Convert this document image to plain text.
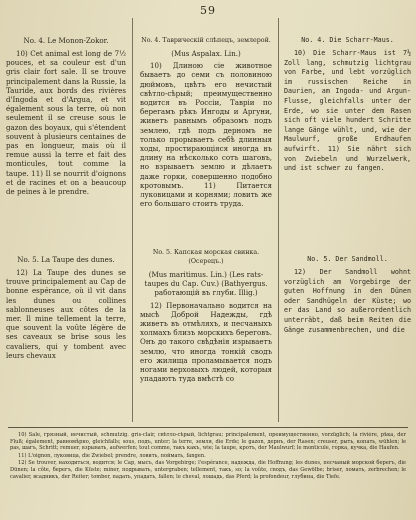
59
No. 4. Le Monon-Zokor.

10) Cet animal est long de 7½ pouces, et sa couleur est d'un gris clair fort sale. Il se trouve principalement dans la Russie, la Tauride, aux bords des rivières d'Ingoda et d'Argua, et vit également sous la terre, où non seulement il se creuse sous le gazon des boyaux, qui s'étendent souvent à plusieurs centaines de pas en longueur, mais où il remue aussi la terre et fait des monticules, tout comme la taupe. 11) Il se nourrit d'oignons et de racines et on a beaucoup de peines à le prendre.

No. 5. La Taupe des dunes.

12) La Taupe des dunes se trouve principalement au Cap de bonne espérance, où il vit dans les dunes ou collines sablonneuses aux côtes de la mer. Il mine tellement la terre, que souvent la voûte légère de ses caveaux se brise sous les cavaliers, qui y tombent avec leurs chevaux

No. 4. Таврическій слѣпецъ, землерой.
(Mus Aspalax. Lin.)

10) Длиною сіе животное бываетъ до семи съ половиною дюймовъ, цвѣтъ его нечистый свѣтло-сѣрый; преимущественно водится въ Россіи, Тавріи по берегамъ рѣкъ Ингоды и Аргуни, живетъ равнымъ образомъ подъ землею, гдѣ подъ дерномъ не только прорываетъ себѣ длинныя ходы, простирающіяся иногда въ длину на нѣсколько сотъ шаговъ, но взрываетъ землю и дѣлаетъ даже горки, совершенно подобно кротовымъ. 11) Питается луковицами и корнями; ловить же его большаго стоитъ труда.

No. 5. Капская морская свинка. (Осерецъ.)
(Mus maritimus. Lin.) (Les rats-taupes du Cap. Cuv.) (Bathyergus. работающій въ глуби. Illig.)

12) Первоначально водится на мысѣ Доброй Надежды, гдѣ живетъ въ отмѣляхъ, и песчаныхъ холмахъ близъ морскихъ береговъ. Онъ до такого свѣдѣнія изрываетъ землю, что иногда тонкій сводъ его жилища проламывается подъ ногами верховыхъ людей, которыя упадаютъ туда вмѣстѣ со

No. 4. Die Scharr-Maus.

10) Die Scharr-Maus ist 7½ Zoll lang, schmutzig lichtgrau von Farbe, und lebt vorzüglich im russischen Reiche in Daurien, am Ingoda- und Argun-Flusse, gleichfalls unter der Erde, wo sie unter dem Rasen sich oft viele hundert Schritte lange Gänge wühlt, und, wie der Maulwurf, große Erdhaufen aufwirft. 11) Sie nährt sich von Zwiebeln und Wurzelwerk, und ist schwer zu fangen.

No. 5. Der Sandmoll.

12) Der Sandmoll wohnt vorzüglich am Vorgebirge der guten Hoffnung in den Dünen oder Sandhügeln der Küste; wo er das Land so außerordentlich unterräbt, daß beim Reiten die Gänge zusammenbrechen, und die

10) Sale, грязный, нечистый, schmutzig. gris-clair, свѣтло-сѣрый, lichtgrau; principalement, преимущественно, vorzüglich; la rivière, рѣка, der Fluß; également, равномѣрно, gleichfalls; sous, подъ, unter; la terre, земля, die Erde; le gazon, дернъ, der Rasen; creuser, рыть, копать, wühlen; le pas, шагъ, Schritt; remuer, взрывать, aufwerfen; tout comme, такъ какъ, wie; la taupe, кротъ, der Maulwurf; le monticule, горка, кучка, die Haufen.

11) L'oignon, луковица, die Zwiebel; prendre, ловить, поймать, fangen.

12) Se trouver, находиться, водится; le Cap, мысъ, das Vorgebirge; l'espérance, надежда, die Hoffnung; les dunes, песчаный морской берегъ, die Dünen; la côte, берегъ, die Küste; miner, подрывать, untergraben; tellement, такъ, so; la voûte, сводъ, das Gewölbe; briser, ломать, zerbrechen; le cavalier, всадникъ, der Reiter; tomber, падать, упадать, fallen; le cheval, лошадь, das Pferd; la profondeur, глубина, die Tiefe.
